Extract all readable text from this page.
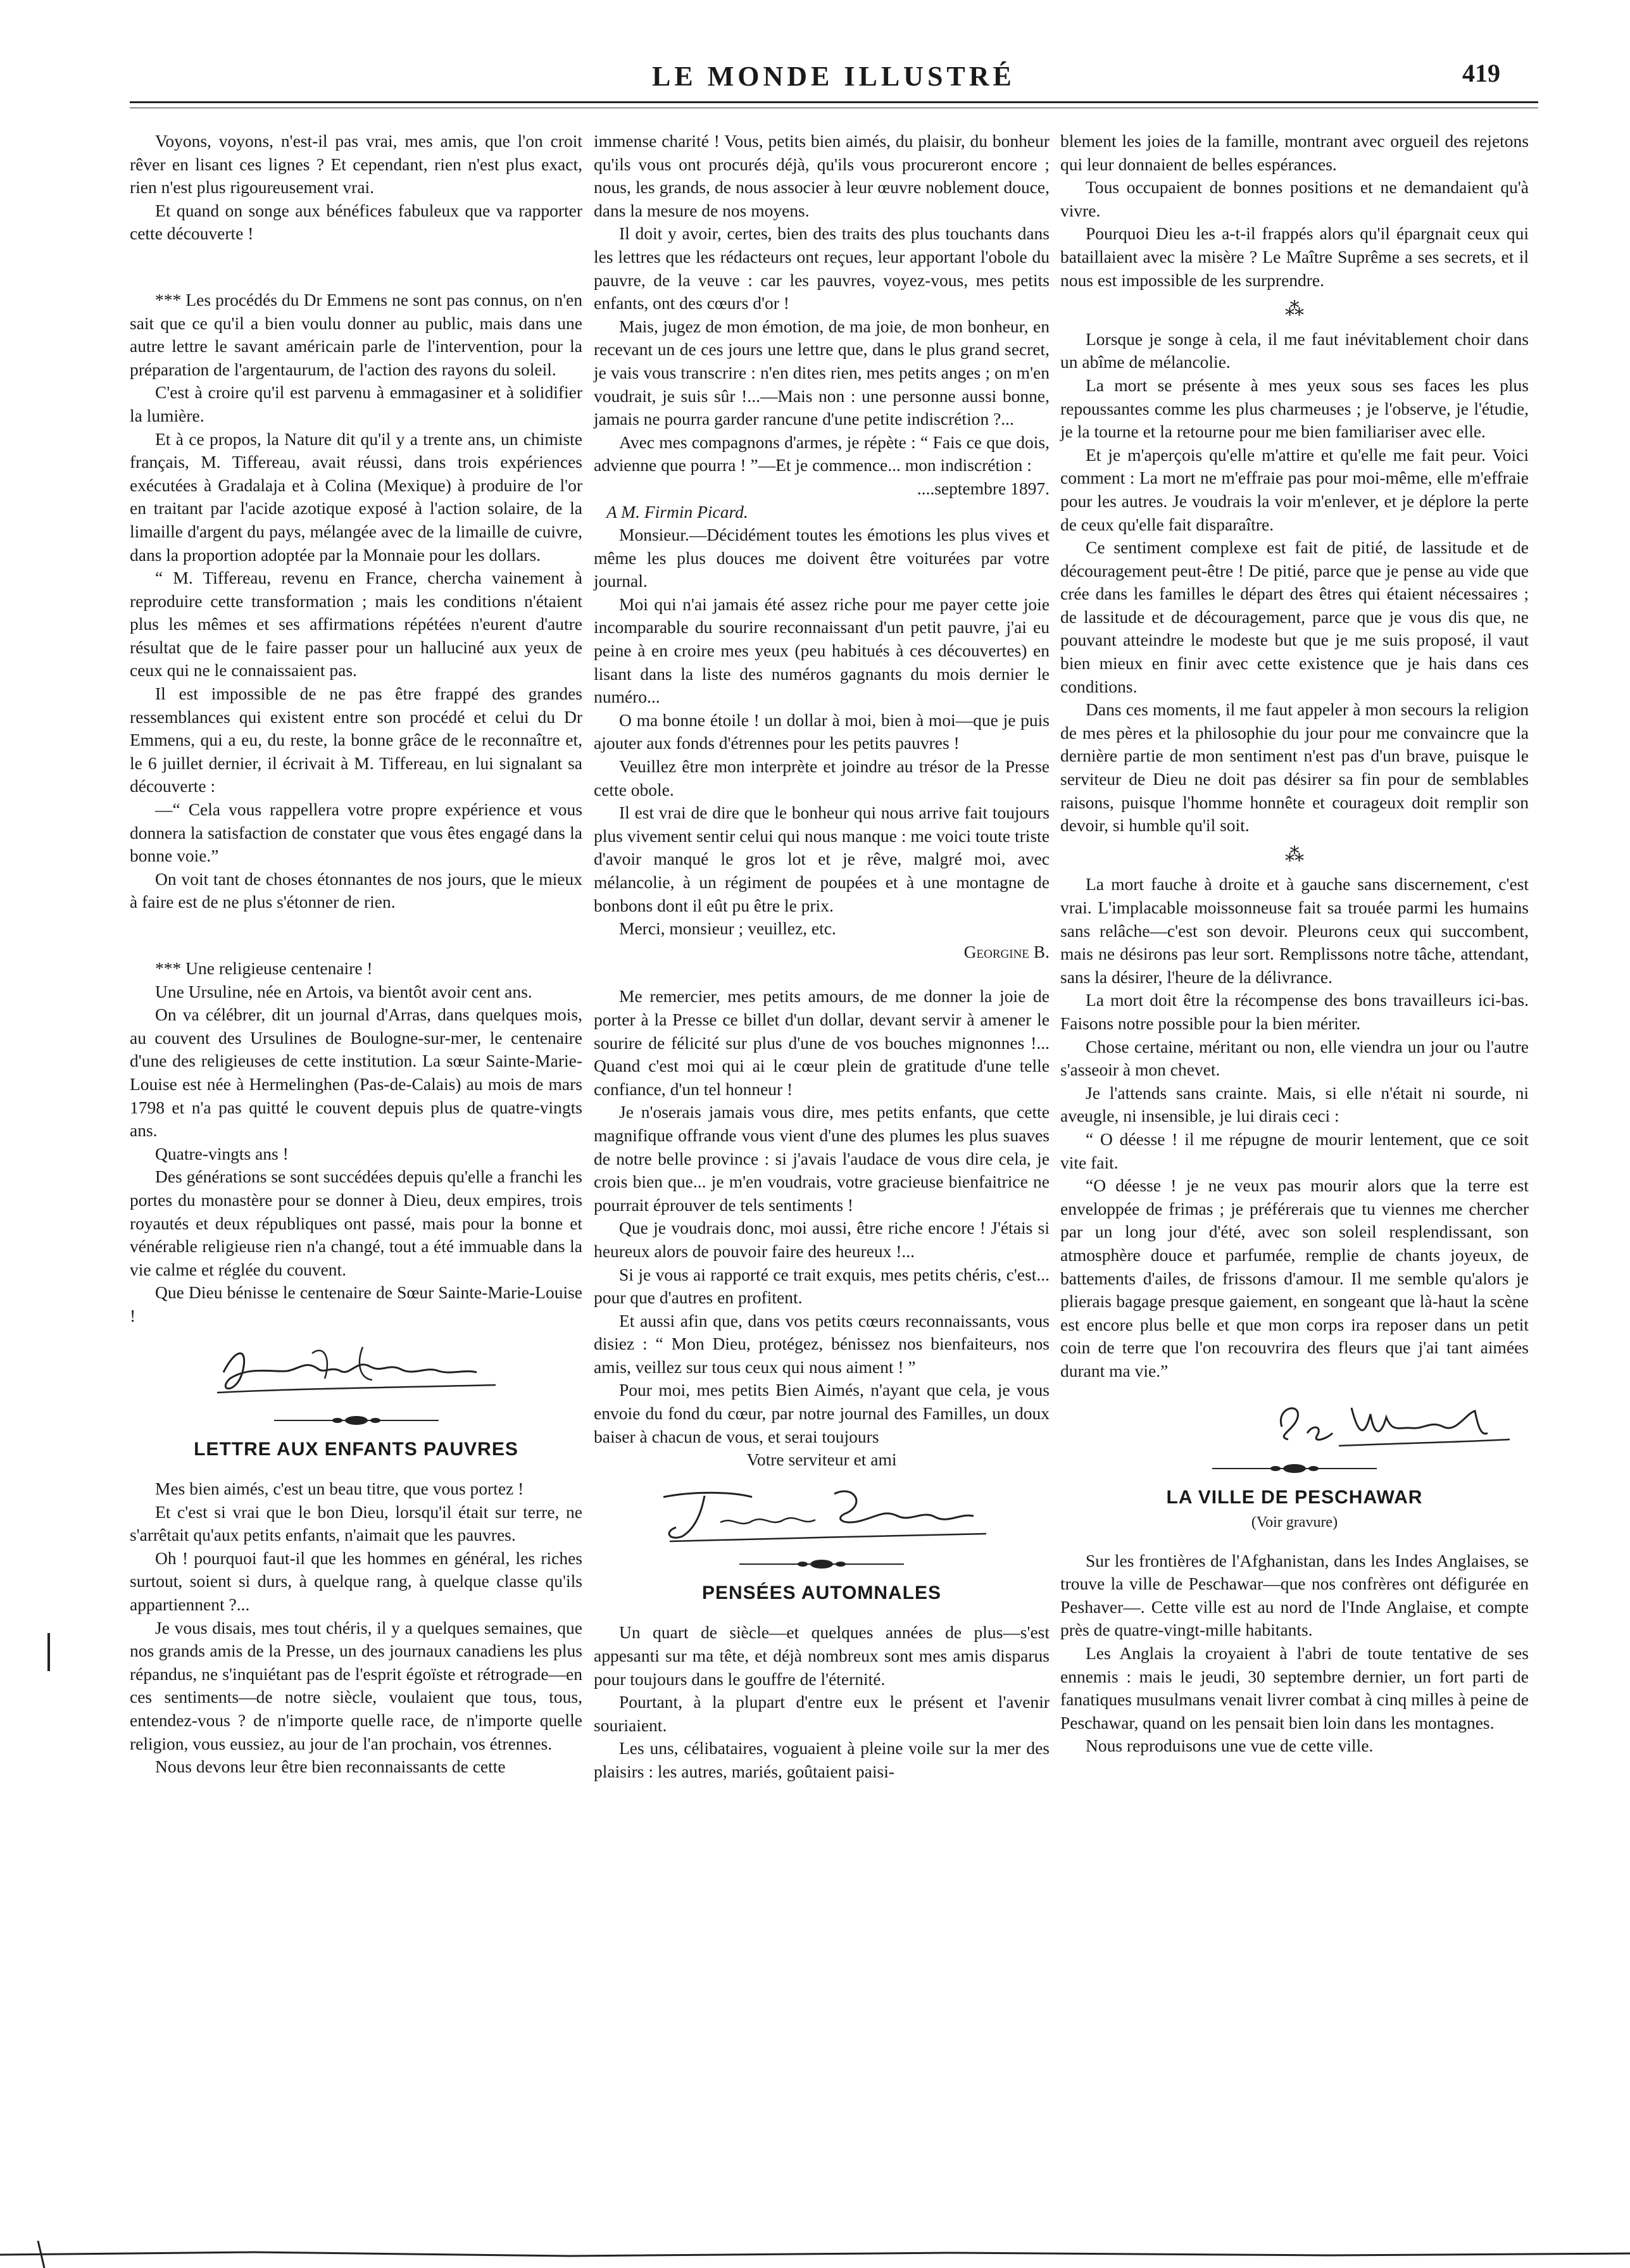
LE MONDE ILLUSTRÉ	419

Voyons, voyons, n'est-il pas vrai, mes amis, que l'on croit rêver en lisant ces lignes ? Et cependant, rien n'est plus exact, rien n'est plus rigoureusement vrai.

Et quand on songe aux bénéfices fabuleux que va rapporter cette découverte !

*** Les procédés du Dr Emmens ne sont pas connus, on n'en sait que ce qu'il a bien voulu donner au public, mais dans une autre lettre le savant américain parle de l'intervention, pour la préparation de l'argentaurum, de l'action des rayons du soleil.

C'est à croire qu'il est parvenu à emmagasiner et à solidifier la lumière.

Et à ce propos, la Nature dit qu'il y a trente ans, un chimiste français, M. Tiffereau, avait réussi, dans trois expériences exécutées à Gradalaja et à Colina (Mexique) à produire de l'or en traitant par l'acide azotique exposé à l'action solaire, de la limaille d'argent du pays, mélangée avec de la limaille de cuivre, dans la proportion adoptée par la Monnaie pour les dollars.

“ M. Tiffereau, revenu en France, chercha vainement à reproduire cette transformation ; mais les conditions n'étaient plus les mêmes et ses affirmations répétées n'eurent d'autre résultat que de le faire passer pour un halluciné aux yeux de ceux qui ne le connaissaient pas.

Il est impossible de ne pas être frappé des grandes ressemblances qui existent entre son procédé et celui du Dr Emmens, qui a eu, du reste, la bonne grâce de le reconnaître et, le 6 juillet dernier, il écrivait à M. Tiffereau, en lui signalant sa découverte :

—“ Cela vous rappellera votre propre expérience et vous donnera la satisfaction de constater que vous êtes engagé dans la bonne voie.”

On voit tant de choses étonnantes de nos jours, que le mieux à faire est de ne plus s'étonner de rien.

*** Une religieuse centenaire !

Une Ursuline, née en Artois, va bientôt avoir cent ans.

On va célébrer, dit un journal d'Arras, dans quelques mois, au couvent des Ursulines de Boulogne-sur-mer, le centenaire d'une des religieuses de cette institution. La sœur Sainte-Marie-Louise est née à Hermelinghen (Pas-de-Calais) au mois de mars 1798 et n'a pas quitté le couvent depuis plus de quatre-vingts ans.

Quatre-vingts ans !

Des générations se sont succédées depuis qu'elle a franchi les portes du monastère pour se donner à Dieu, deux empires, trois royautés et deux républiques ont passé, mais pour la bonne et vénérable religieuse rien n'a changé, tout a été immuable dans la vie calme et réglée du couvent.

Que Dieu bénisse le centenaire de Sœur Sainte-Marie-Louise !

LETTRE AUX ENFANTS PAUVRES

Mes bien aimés, c'est un beau titre, que vous portez !

Et c'est si vrai que le bon Dieu, lorsqu'il était sur terre, ne s'arrêtait qu'aux petits enfants, n'aimait que les pauvres.

Oh ! pourquoi faut-il que les hommes en général, les riches surtout, soient si durs, à quelque rang, à quelque classe qu'ils appartiennent ?...

Je vous disais, mes tout chéris, il y a quelques semaines, que nos grands amis de la Presse, un des journaux canadiens les plus répandus, ne s'inquiétant pas de l'esprit égoïste et rétrograde—en ces sentiments—de notre siècle, voulaient que tous, tous, entendez-vous ? de n'importe quelle race, de n'importe quelle religion, vous eussiez, au jour de l'an prochain, vos étrennes.

Nous devons leur être bien reconnaissants de cette

immense charité ! Vous, petits bien aimés, du plaisir, du bonheur qu'ils vous ont procurés déjà, qu'ils vous procureront encore ; nous, les grands, de nous associer à leur œuvre noblement douce, dans la mesure de nos moyens.

Il doit y avoir, certes, bien des traits des plus touchants dans les lettres que les rédacteurs ont reçues, leur apportant l'obole du pauvre, de la veuve : car les pauvres, voyez-vous, mes petits enfants, ont des cœurs d'or !

Mais, jugez de mon émotion, de ma joie, de mon bonheur, en recevant un de ces jours une lettre que, dans le plus grand secret, je vais vous transcrire : n'en dites rien, mes petits anges ; on m'en voudrait, je suis sûr !...—Mais non : une personne aussi bonne, jamais ne pourra garder rancune d'une petite indiscrétion ?...

Avec mes compagnons d'armes, je répète : “ Fais ce que dois, advienne que pourra ! ”—Et je commence... mon indiscrétion :

....septembre 1897.

A M. Firmin Picard.

Monsieur.—Décidément toutes les émotions les plus vives et même les plus douces me doivent être voiturées par votre journal.

Moi qui n'ai jamais été assez riche pour me payer cette joie incomparable du sourire reconnaissant d'un petit pauvre, j'ai eu peine à en croire mes yeux (peu habitués à ces découvertes) en lisant dans la liste des numéros gagnants du mois dernier le numéro...

O ma bonne étoile ! un dollar à moi, bien à moi—que je puis ajouter aux fonds d'étrennes pour les petits pauvres !

Veuillez être mon interprète et joindre au trésor de la Presse cette obole.

Il est vrai de dire que le bonheur qui nous arrive fait toujours plus vivement sentir celui qui nous manque : me voici toute triste d'avoir manqué le gros lot et je rêve, malgré moi, avec mélancolie, à un régiment de poupées et à une montagne de bonbons dont il eût pu être le prix.

Merci, monsieur ; veuillez, etc.

Georgine B.

Me remercier, mes petits amours, de me donner la joie de porter à la Presse ce billet d'un dollar, devant servir à amener le sourire de félicité sur plus d'une de vos bouches mignonnes !... Quand c'est moi qui ai le cœur plein de gratitude d'une telle confiance, d'un tel honneur !

Je n'oserais jamais vous dire, mes petits enfants, que cette magnifique offrande vous vient d'une des plumes les plus suaves de notre belle province : si j'avais l'audace de vous dire cela, je crois bien que... je m'en voudrais, votre gracieuse bienfaitrice ne pourrait éprouver de tels sentiments !

Que je voudrais donc, moi aussi, être riche encore ! J'étais si heureux alors de pouvoir faire des heureux !...

Si je vous ai rapporté ce trait exquis, mes petits chéris, c'est... pour que d'autres en profitent.

Et aussi afin que, dans vos petits cœurs reconnaissants, vous disiez : “ Mon Dieu, protégez, bénissez nos bienfaiteurs, nos amis, veillez sur tous ceux qui nous aiment ! ”

Pour moi, mes petits Bien Aimés, n'ayant que cela, je vous envoie du fond du cœur, par notre journal des Familles, un doux baiser à chacun de vous, et serai toujours

Votre serviteur et ami

PENSÉES AUTOMNALES

Un quart de siècle—et quelques années de plus—s'est appesanti sur ma tête, et déjà nombreux sont mes amis disparus pour toujours dans le gouffre de l'éternité.

Pourtant, à la plupart d'entre eux le présent et l'avenir souriaient.

Les uns, célibataires, voguaient à pleine voile sur la mer des plaisirs : les autres, mariés, goûtaient paisi-

blement les joies de la famille, montrant avec orgueil des rejetons qui leur donnaient de belles espérances.

Tous occupaient de bonnes positions et ne demandaient qu'à vivre.

Pourquoi Dieu les a-t-il frappés alors qu'il épargnait ceux qui bataillaient avec la misère ? Le Maître Suprême a ses secrets, et il nous est impossible de les surprendre.

⁂

Lorsque je songe à cela, il me faut inévitablement choir dans un abîme de mélancolie.

La mort se présente à mes yeux sous ses faces les plus repoussantes comme les plus charmeuses ; je l'observe, je l'étudie, je la tourne et la retourne pour me bien familiariser avec elle.

Et je m'aperçois qu'elle m'attire et qu'elle me fait peur. Voici comment : La mort ne m'effraie pas pour moi-même, elle m'effraie pour les autres. Je voudrais la voir m'enlever, et je déplore la perte de ceux qu'elle fait disparaître.

Ce sentiment complexe est fait de pitié, de lassitude et de découragement peut-être ! De pitié, parce que je pense au vide que crée dans les familles le départ des êtres qui étaient nécessaires ; de lassitude et de découragement, parce que je vous dis que, ne pouvant atteindre le modeste but que je me suis proposé, il vaut bien mieux en finir avec cette existence que je hais dans ces conditions.

Dans ces moments, il me faut appeler à mon secours la religion de mes pères et la philosophie du jour pour me convaincre que la dernière partie de mon sentiment n'est pas d'un brave, puisque le serviteur de Dieu ne doit pas désirer sa fin pour de semblables raisons, puisque l'homme honnête et courageux doit remplir son devoir, si humble qu'il soit.

⁂

La mort fauche à droite et à gauche sans discernement, c'est vrai. L'implacable moissonneuse fait sa trouée parmi les humains sans relâche—c'est son devoir. Pleurons ceux qui succombent, mais ne désirons pas leur sort. Remplissons notre tâche, attendant, sans la désirer, l'heure de la délivrance.

La mort doit être la récompense des bons travailleurs ici-bas. Faisons notre possible pour la bien mériter.

Chose certaine, méritant ou non, elle viendra un jour ou l'autre s'asseoir à mon chevet.

Je l'attends sans crainte. Mais, si elle n'était ni sourde, ni aveugle, ni insensible, je lui dirais ceci :

“ O déesse ! il me répugne de mourir lentement, que ce soit vite fait.

“O déesse ! je ne veux pas mourir alors que la terre est enveloppée de frimas ; je préférerais que tu viennes me chercher par un long jour d'été, avec son soleil resplendissant, son atmosphère douce et parfumée, remplie de chants joyeux, de battements d'ailes, de frissons d'amour. Il me semble qu'alors je plierais bagage presque gaiement, en songeant que là-haut la scène est encore plus belle et que mon corps ira reposer dans un petit coin de terre que l'on recouvrira des fleurs que j'ai tant aimées durant ma vie.”

LA VILLE DE PESCHAWAR
(Voir gravure)

Sur les frontières de l'Afghanistan, dans les Indes Anglaises, se trouve la ville de Peschawar—que nos confrères ont défigurée en Peshaver—. Cette ville est au nord de l'Inde Anglaise, et compte près de quatre-vingt-mille habitants.

Les Anglais la croyaient à l'abri de toute tentative de ses ennemis : mais le jeudi, 30 septembre dernier, un fort parti de fanatiques musulmans venait livrer combat à cinq milles à peine de Peschawar, quand on les pensait bien loin dans les montagnes.

Nous reproduisons une vue de cette ville.
